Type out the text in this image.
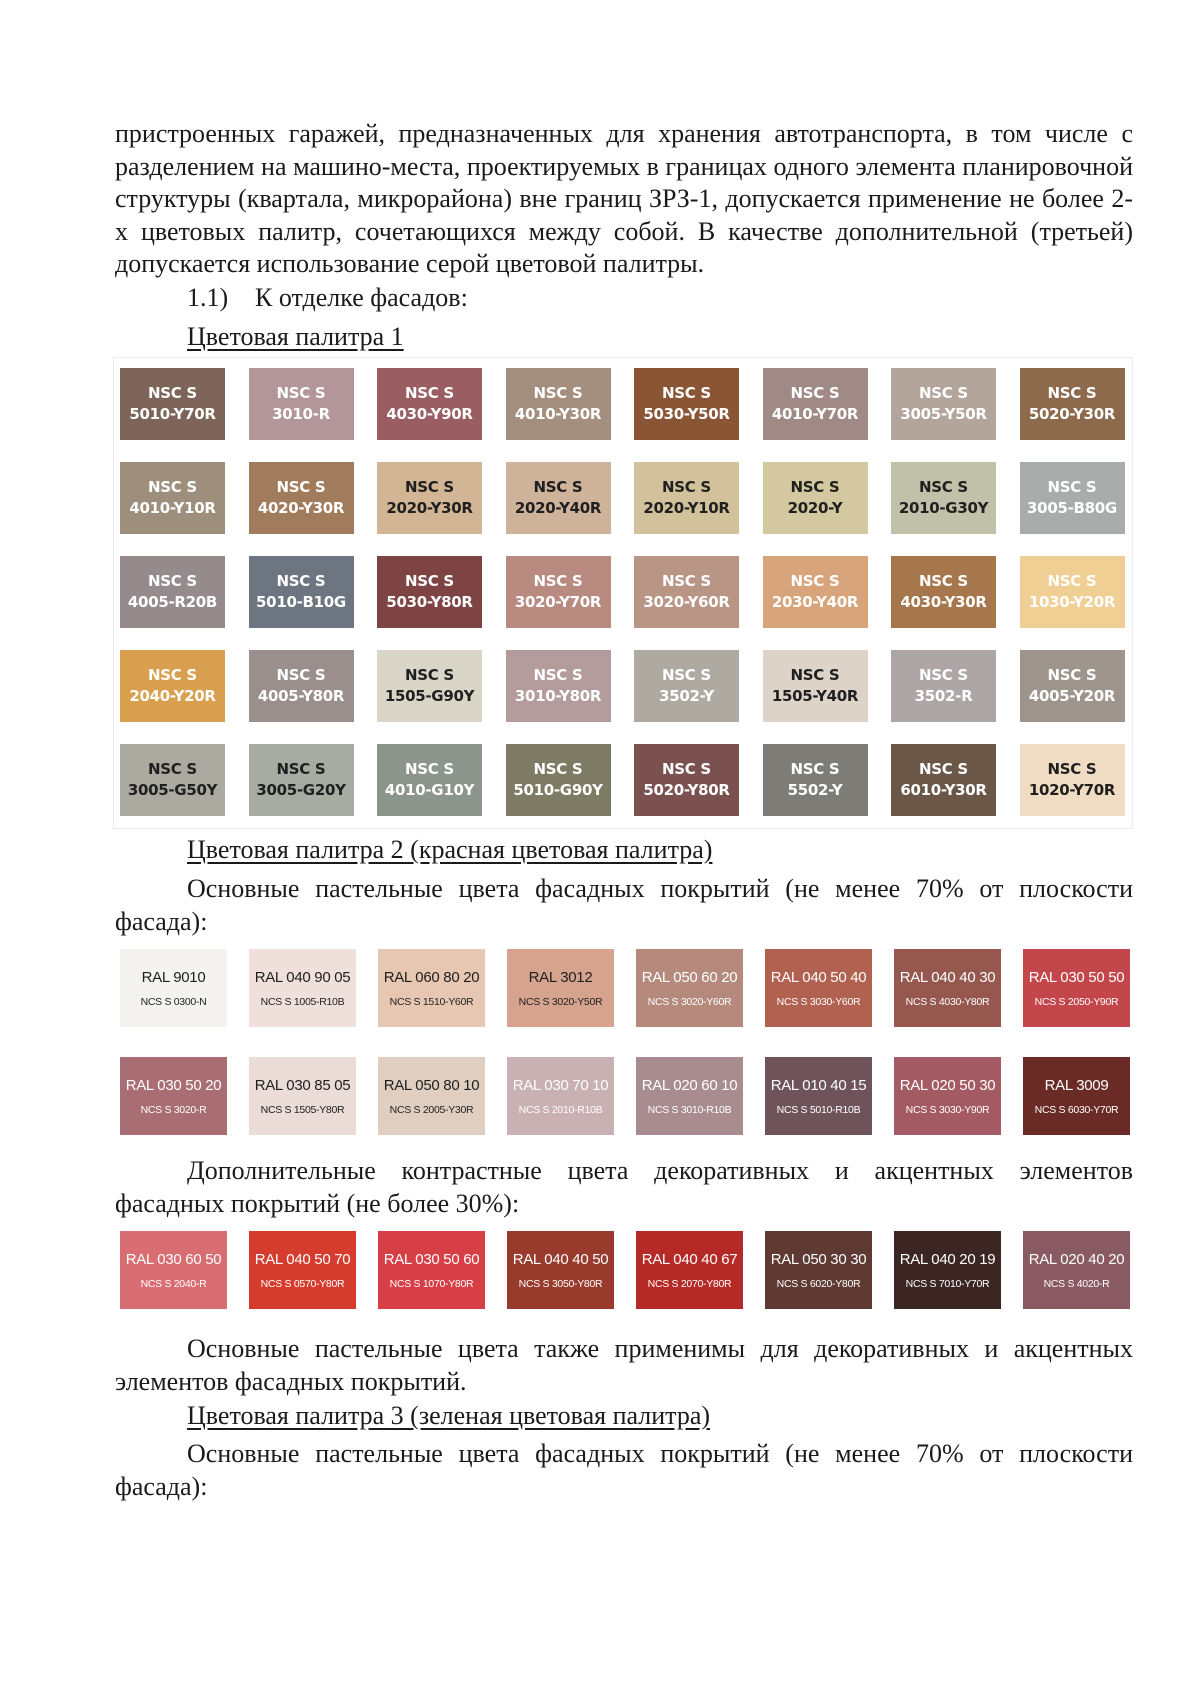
пристроенных гаражей, предназначенных для хранения автотранспорта, в том числе с разделением на машино-места, проектируемых в границах одного элемента планировочной структуры (квартала, микрорайона) вне границ ЗРЗ-1, допускается применение не более 2-х цветовых палитр, сочетающихся между собой. В качестве дополнительной (третьей) допускается использование серой цветовой палитры.
1.1) К отделке фасадов:
Цветовая палитра 1
NSC S
5010-Y70R
NSC S
3010-R
NSC S
4030-Y90R
NSC S
4010-Y30R
NSC S
5030-Y50R
NSC S
4010-Y70R
NSC S
3005-Y50R
NSC S
5020-Y30R
NSC S
4010-Y10R
NSC S
4020-Y30R
NSC S
2020-Y30R
NSC S
2020-Y40R
NSC S
2020-Y10R
NSC S
2020-Y
NSC S
2010-G30Y
NSC S
3005-B80G
NSC S
4005-R20B
NSC S
5010-B10G
NSC S
5030-Y80R
NSC S
3020-Y70R
NSC S
3020-Y60R
NSC S
2030-Y40R
NSC S
4030-Y30R
NSC S
1030-Y20R
NSC S
2040-Y20R
NSC S
4005-Y80R
NSC S
1505-G90Y
NSC S
3010-Y80R
NSC S
3502-Y
NSC S
1505-Y40R
NSC S
3502-R
NSC S
4005-Y20R
NSC S
3005-G50Y
NSC S
3005-G20Y
NSC S
4010-G10Y
NSC S
5010-G90Y
NSC S
5020-Y80R
NSC S
5502-Y
NSC S
6010-Y30R
NSC S
1020-Y70R
Цветовая палитра 2 (красная цветовая палитра)
Основные пастельные цвета фасадных покрытий (не менее 70% от плоскости фасада):
RAL 9010
NCS S 0300-N
RAL 040 90 05
NCS S 1005-R10B
RAL 060 80 20
NCS S 1510-Y60R
RAL 3012
NCS S 3020-Y50R
RAL 050 60 20
NCS S 3020-Y60R
RAL 040 50 40
NCS S 3030-Y60R
RAL 040 40 30
NCS S 4030-Y80R
RAL 030 50 50
NCS S 2050-Y90R
RAL 030 50 20
NCS S 3020-R
RAL 030 85 05
NCS S 1505-Y80R
RAL 050 80 10
NCS S 2005-Y30R
RAL 030 70 10
NCS S 2010-R10B
RAL 020 60 10
NCS S 3010-R10B
RAL 010 40 15
NCS S 5010-R10B
RAL 020 50 30
NCS S 3030-Y90R
RAL 3009
NCS S 6030-Y70R
Дополнительные контрастные цвета декоративных и акцентных элементов фасадных покрытий (не более 30%):
RAL 030 60 50
NCS S 2040-R
RAL 040 50 70
NCS S 0570-Y80R
RAL 030 50 60
NCS S 1070-Y80R
RAL 040 40 50
NCS S 3050-Y80R
RAL 040 40 67
NCS S 2070-Y80R
RAL 050 30 30
NCS S 6020-Y80R
RAL 040 20 19
NCS S 7010-Y70R
RAL 020 40 20
NCS S 4020-R
Основные пастельные цвета также применимы для декоративных и акцентных элементов фасадных покрытий.
Цветовая палитра 3 (зеленая цветовая палитра)
Основные пастельные цвета фасадных покрытий (не менее 70% от плоскости фасада):
